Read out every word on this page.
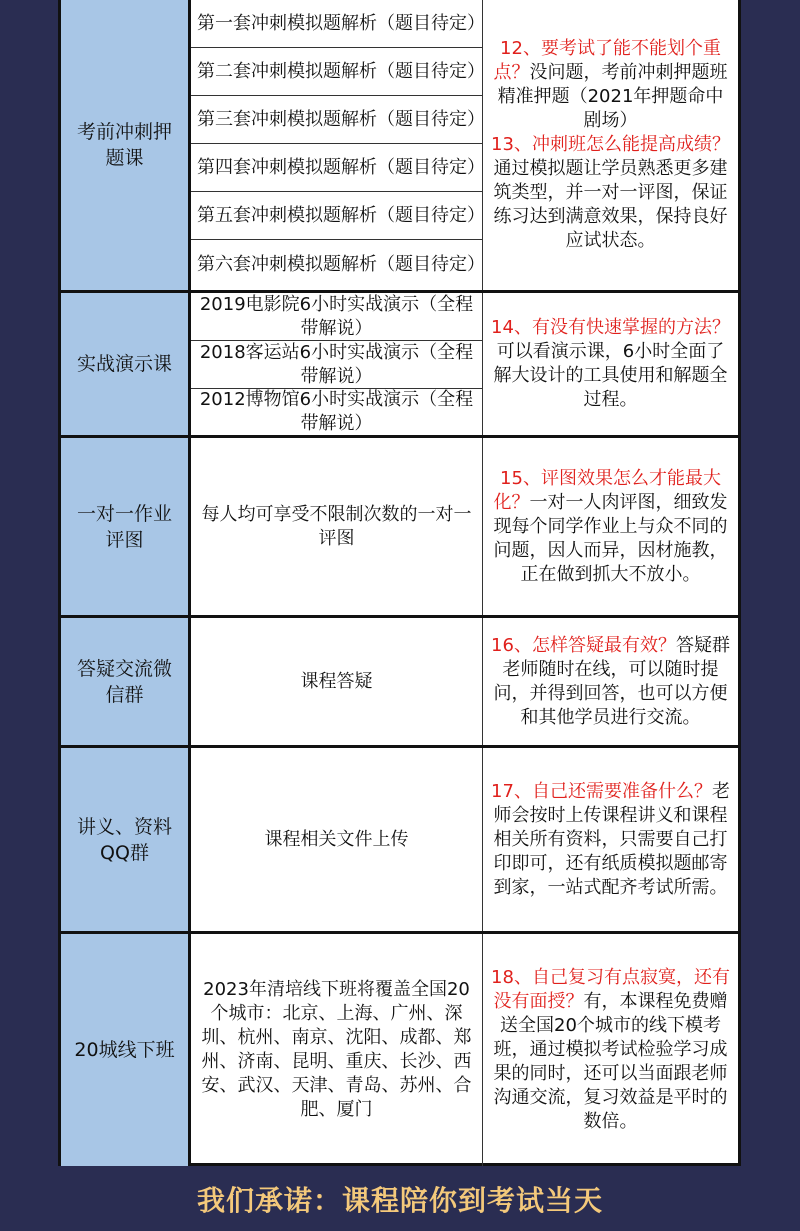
考前冲刺押题课
第一套冲刺模拟题解析（题目待定）
第二套冲刺模拟题解析（题目待定）
第三套冲刺模拟题解析（题目待定）
第四套冲刺模拟题解析（题目待定）
第五套冲刺模拟题解析（题目待定）
第六套冲刺模拟题解析（题目待定）

12、要考试了能不能划个重点？没问题，考前冲刺押题班精准押题（2021年押题命中剧场）

13、冲刺班怎么能提高成绩？通过模拟题让学员熟悉更多建筑类型，并一对一评图，保证练习达到满意效果，保持良好应试状态。

实战演示课
2019电影院6小时实战演示（全程带解说）
2018客运站6小时实战演示（全程带解说）
2012博物馆6小时实战演示（全程带解说）

14、有没有快速掌握的方法？可以看演示课，6小时全面了解大设计的工具使用和解题全过程。

一对一作业评图
每人均可享受不限制次数的一对一评图

15、评图效果怎么才能最大化？一对一人肉评图，细致发现每个同学作业上与众不同的问题，因人而异，因材施教，正在做到抓大不放小。

答疑交流微信群
课程答疑

16、怎样答疑最有效？答疑群老师随时在线，可以随时提问，并得到回答，也可以方便和其他学员进行交流。

讲义、资料QQ群
课程相关文件上传

17、自己还需要准备什么？老师会按时上传课程讲义和课程相关所有资料，只需要自己打印即可，还有纸质模拟题邮寄到家，一站式配齐考试所需。

20城线下班
2023年清培线下班将覆盖全国20个城市：北京、上海、广州、深圳、杭州、南京、沈阳、成都、郑州、济南、昆明、重庆、长沙、西安、武汉、天津、青岛、苏州、合肥、厦门

18、自己复习有点寂寞，还有没有面授？有，本课程免费赠送全国20个城市的线下模考班，通过模拟考试检验学习成果的同时，还可以当面跟老师沟通交流，复习效益是平时的数倍。

我们承诺：课程陪你到考试当天
